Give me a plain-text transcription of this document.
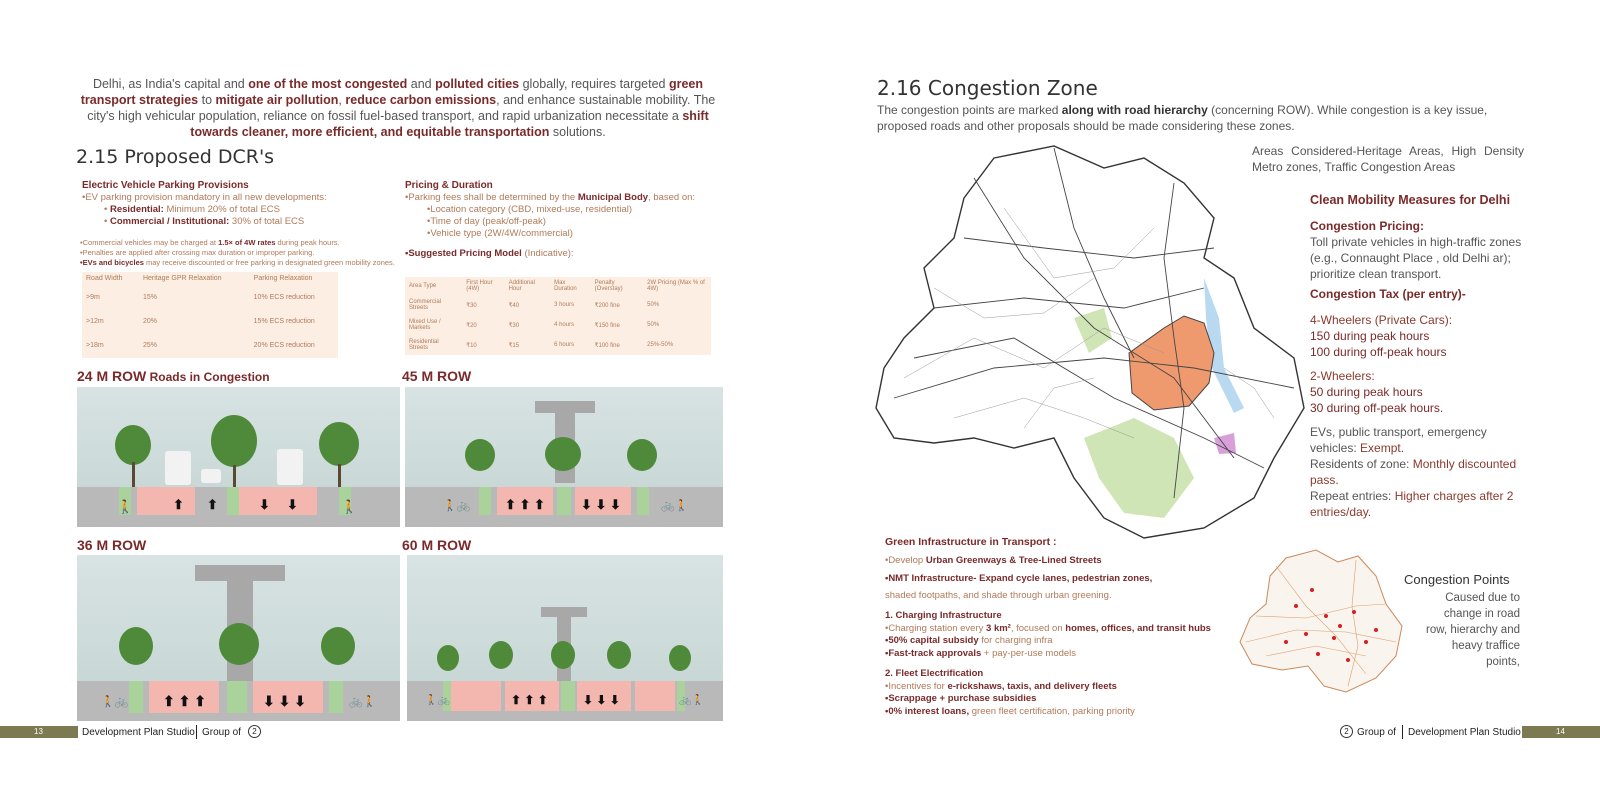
Delhi, as India's capital and one of the most congested and polluted cities globally, requires targeted green transport strategies to mitigate air pollution, reduce carbon emissions, and enhance sustainable mobility. The city's high vehicular population, reliance on fossil fuel-based transport, and rapid urbanization necessitate a shift towards cleaner, more efficient, and equitable transportation solutions.
2.15 Proposed DCR's
Electric Vehicle Parking Provisions
•EV parking provision mandatory in all new developments:
• Residential: Minimum 20% of total ECS
• Commercial / Institutional: 30% of total ECS
•Commercial vehicles may be charged at 1.5× of 4W rates during peak hours.
•Penalties are applied after crossing max duration or improper parking.
•EVs and bicycles may receive discounted or free parking in designated green mobility zones.
Road Width	Heritage GPR Relaxation	Parking Relaxation
>9m	15%	10% ECS reduction
>12m	20%	15% ECS reduction
>18m	25%	20% ECS reduction
Pricing & Duration
•Parking fees shall be determined by the Municipal Body, based on:
•Location category (CBD, mixed-use, residential)
•Time of day (peak/off-peak)
•Vehicle type (2W/4W/commercial)
•Suggested Pricing Model (Indicative):
Area Type	First Hour (4W)	Additional Hour	Max Duration	Penalty (Overstay)	2W Pricing (Max % of 4W)
Commercial Streets	₹30	₹40	3 hours	₹200 fine	50%
Mixed Use / Markets	₹20	₹30	4 hours	₹150 fine	50%
Residential Streets	₹10	₹15	6 hours	₹100 fine	25%-50%
24 M ROW Roads in Congestion	45 M ROW
36 M ROW	60 M ROW
🚶	⬆ ⬆	⬇ ⬇	🚶	🚶🚲	⬆ ⬆ ⬆	⬇ ⬇ ⬇	🚲🚶
🚶🚲 ⬆ ⬆ ⬆	⬇ ⬇ ⬇	🚲🚶	🚶🚲	⬆ ⬆ ⬆	⬇ ⬇ ⬇	🚲🚶
13	Development Plan Studio Group of	2
2.16 Congestion Zone
The congestion points are marked along with road hierarchy (concerning ROW). While congestion is a key issue, proposed roads and other proposals should be made considering these zones.
Areas Considered-Heritage Areas, High Density Metro zones, Traffic Congestion Areas
Clean Mobility Measures for Delhi
Congestion Pricing:
Toll private vehicles in high-traffic zones (e.g., Connaught Place , old Delhi ar); prioritize clean transport.
Congestion Tax (per entry)-
4-Wheelers (Private Cars):
150 during peak hours
100 during off-peak hours
2-Wheelers:
50 during peak hours
30 during off-peak hours.
EVs, public transport, emergency vehicles: Exempt.
Residents of zone: Monthly discounted pass.
Repeat entries: Higher charges after 2 entries/day.
Green Infrastructure in Transport :
•Develop Urban Greenways & Tree-Lined Streets
•NMT Infrastructure- Expand cycle lanes, pedestrian zones,
shaded footpaths, and shade through urban greening.
1. Charging Infrastructure
•Charging station every 3 km², focused on homes, offices, and transit hubs
•50% capital subsidy for charging infra
•Fast-track approvals + pay-per-use models
2. Fleet Electrification
•Incentives for e-rickshaws, taxis, and delivery fleets
•Scrappage + purchase subsidies
•0% interest loans, green fleet certification, parking priority
Congestion Points
Caused due to change in road row, hierarchy and heavy traffice points,
2 Group of Development Plan Studio	14
